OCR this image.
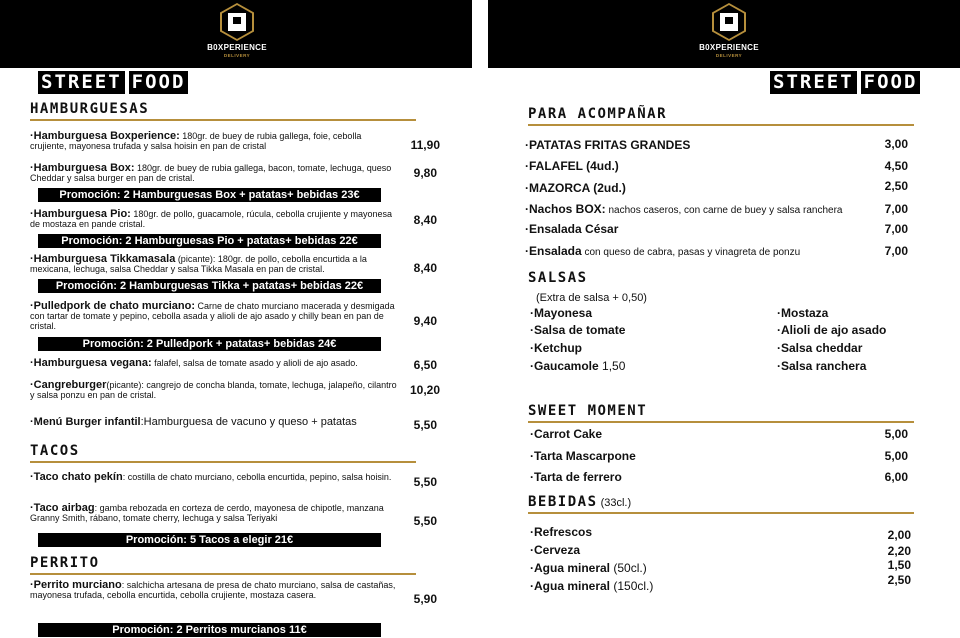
B0XPERIENCE
DELIVERY
STREET FOOD
HAMBURGUESAS
·Hamburguesa Boxperience: 180gr. de buey de rubia gallega, foie, cebolla crujiente, mayonesa trufada y salsa hoisin en pan de cristal	11,90
·Hamburguesa Box: 180gr. de buey de rubia gallega, bacon, tomate, lechuga, queso Cheddar y salsa burger en pan de cristal.	9,80
Promoción: 2 Hamburguesas Box + patatas+ bebidas 23€
·Hamburguesa Pio: 180gr. de pollo, guacamole, rúcula, cebolla crujiente y mayonesa de mostaza en pande cristal.	8,40
Promoción: 2 Hamburguesas Pio + patatas+ bebidas 22€
·Hamburguesa Tikkamasala (picante): 180gr. de pollo, cebolla encurtida a la mexicana, lechuga, salsa Cheddar y salsa Tikka Masala en pan de cristal.	8,40
Promoción: 2 Hamburguesas Tikka + patatas+ bebidas 22€
·Pulledpork de chato murciano: Carne de chato murciano macerada y desmigada con tartar de tomate y pepino, cebolla asada y alioli de ajo asado y chilly bean en pan de cristal.	9,40
Promoción: 2 Pulledpork + patatas+ bebidas 24€
·Hamburguesa vegana: falafel, salsa de tomate asado y alioli de ajo asado.	6,50
·Cangreburger(picante): cangrejo de concha blanda, tomate, lechuga, jalapeño, cilantro y salsa ponzu en pan de cristal.	10,20
·Menú Burger infantil:Hamburguesa de vacuno y queso + patatas	5,50
TACOS
·Taco chato pekín: costilla de chato murciano, cebolla encurtida, pepino, salsa hoisin.	5,50
·Taco airbag: gamba rebozada en corteza de cerdo, mayonesa de chipotle, manzana Granny Smith, rábano, tomate cherry, lechuga y salsa Teriyaki	5,50
Promoción: 5 Tacos a elegir 21€
PERRITO
·Perrito murciano: salchicha artesana de presa de chato murciano, salsa de castañas, mayonesa trufada, cebolla encurtida, cebolla crujiente, mostaza casera.	5,90
Promoción: 2 Perritos murcianos 11€
B0XPERIENCE
DELIVERY
STREET FOOD
PARA ACOMPAÑAR
·PATATAS FRITAS GRANDES	3,00
·FALAFEL (4ud.)	4,50
·MAZORCA (2ud.)	2,50
·Nachos BOX: nachos caseros, con carne de buey y salsa ranchera	7,00
·Ensalada César	7,00
·Ensalada con queso de cabra, pasas y vinagreta de ponzu	7,00
SALSAS
(Extra de salsa + 0,50)
·Mayonesa
·Salsa de tomate
·Ketchup
·Gaucamole 1,50
·Mostaza
·Alioli de ajo asado
·Salsa cheddar
·Salsa ranchera
SWEET MOMENT
·Carrot Cake	5,00
·Tarta Mascarpone	5,00
·Tarta de ferrero	6,00
BEBIDAS (33cl.)
·Refrescos	2,00
·Cerveza	2,20
·Agua mineral (50cl.)	1,50
·Agua mineral (150cl.)	2,50
